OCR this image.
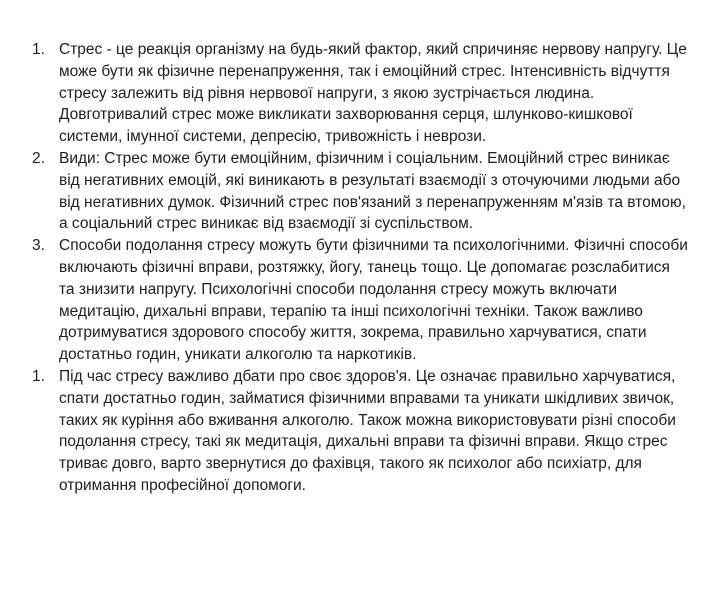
1. Стрес - це реакція організму на будь-який фактор, який спричиняє нервову напругу. Це може бути як фізичне перенапруження, так і емоційний стрес. Інтенсивність відчуття стресу залежить від рівня нервової напруги, з якою зустрічається людина. Довготривалий стрес може викликати захворювання серця, шлунково-кишкової системи, імунної системи, депресію, тривожність і неврози.
2. Види: Стрес може бути емоційним, фізичним і соціальним. Емоційний стрес виникає від негативних емоцій, які виникають в результаті взаємодії з оточуючими людьми або від негативних думок. Фізичний стрес пов'язаний з перенапруженням м'язів та втомою, а соціальний стрес виникає від взаємодії зі суспільством.
3. Способи подолання стресу можуть бути фізичними та психологічними. Фізичні способи включають фізичні вправи, розтяжку, йогу, танець тощо. Це допомагає розслабитися та знизити напругу. Психологічні способи подолання стресу можуть включати медитацію, дихальні вправи, терапію та інші психологічні техніки. Також важливо дотримуватися здорового способу життя, зокрема, правильно харчуватися, спати достатньо годин, уникати алкоголю та наркотиків.
1. Під час стресу важливо дбати про своє здоров'я. Це означає правильно харчуватися, спати достатньо годин, займатися фізичними вправами та уникати шкідливих звичок, таких як куріння або вживання алкоголю. Також можна використовувати різні способи подолання стресу, такі як медитація, дихальні вправи та фізичні вправи. Якщо стрес триває довго, варто звернутися до фахівця, такого як психолог або психіатр, для отримання професійної допомоги.
